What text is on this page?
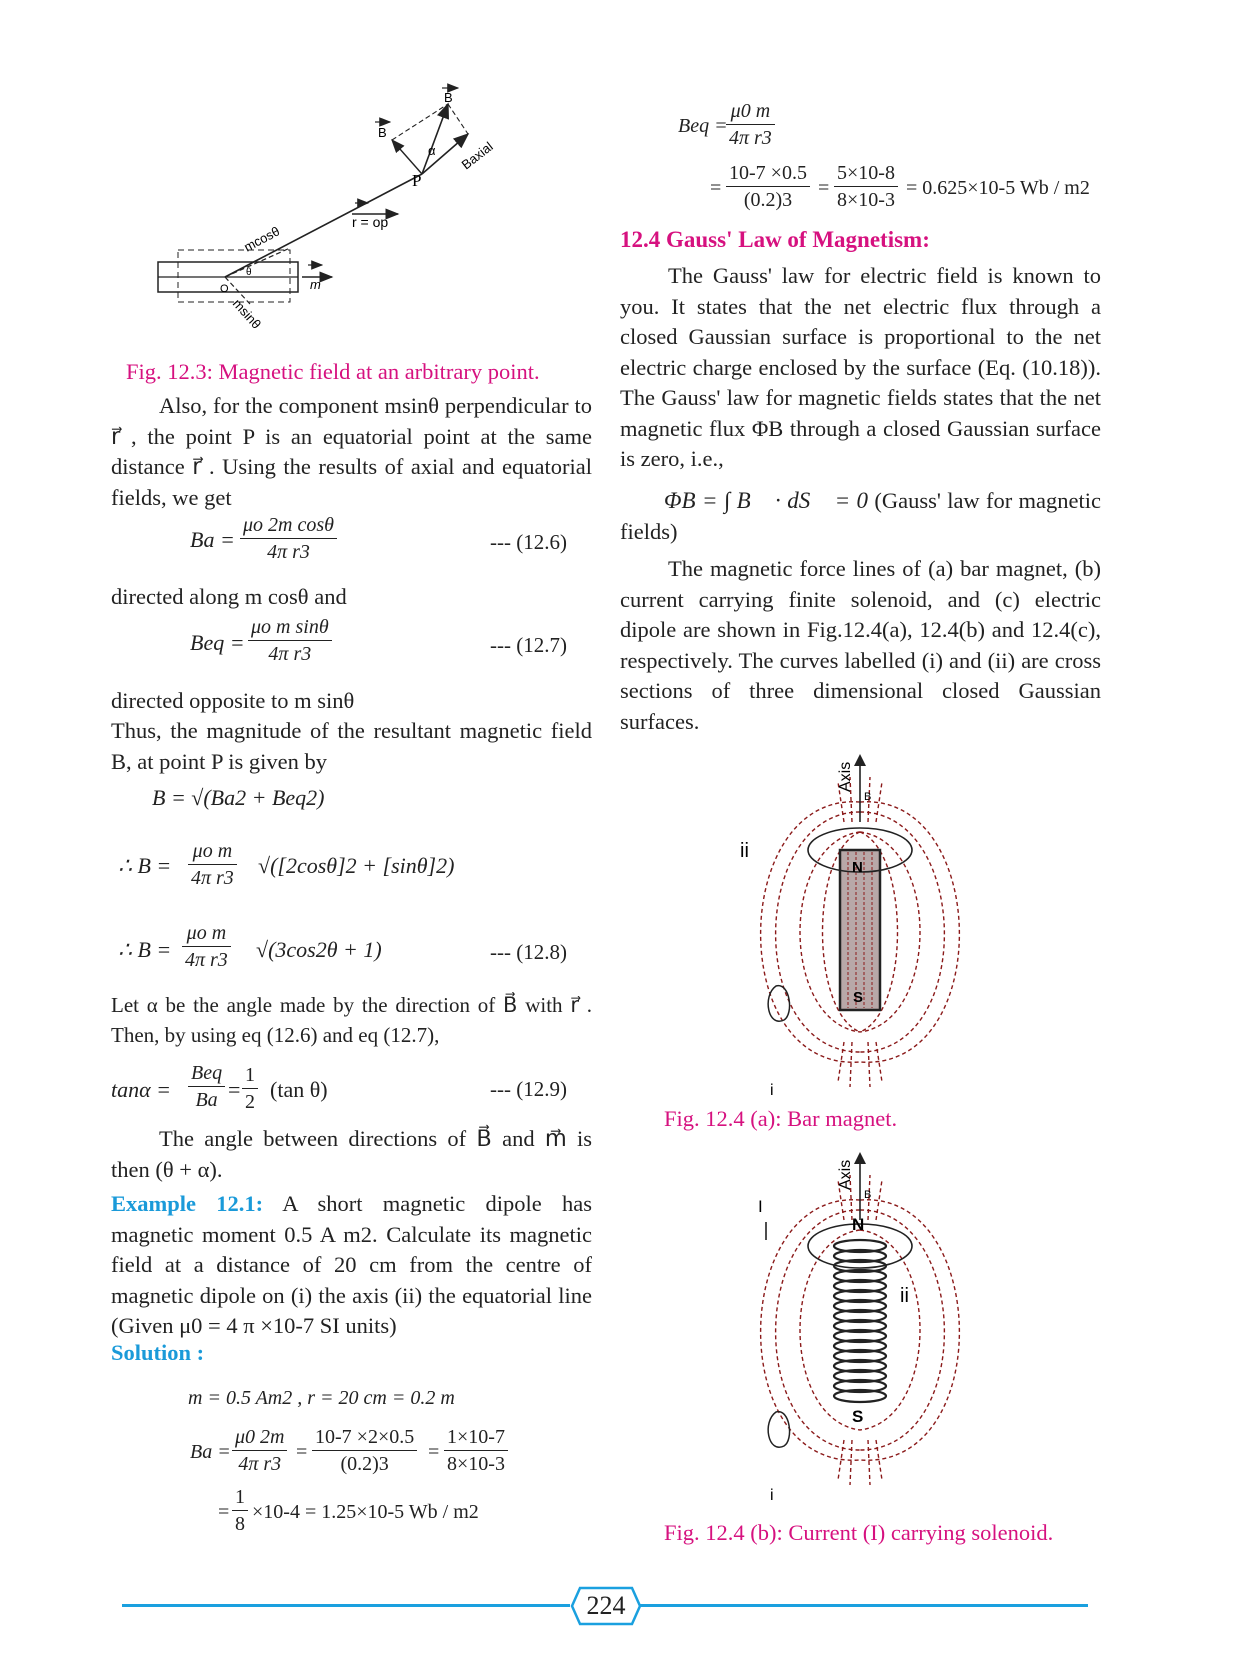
B
B
Baxial
α
P
r = op
mcosθ
msinθ
θ
O	m
Fig. 12.3: Magnetic field at an arbitrary point.
Also, for the component msinθ perpendicular to r⃗ , the point P is an equatorial point at the same distance r⃗ . Using the results of axial and equatorial fields, we get
$Ba = \frac{\text{μo 2m cosθ}}{\text{4π r3}}$	--- (12.6)
directed along m cosθ and
Beq = $\frac{\text{μo m sinθ}}{\text{4π r3}}$	--- (12.7)
directed opposite to m sinθ
Thus, the magnitude of the resultant magnetic field B, at point P is given by
B = √(Ba2 + Beq2)
∴ $B = \frac{\text{μo m}}{\text{4π r3}} √([2\cos\theta]2 + [\sin\theta]2)$
∴ $B = \frac{\text{μo m}}{\text{4π r3}} √(3\cos 2\theta + 1)$	--- (12.8)
Let α be the angle made by the direction of B⃗ with r⃗ . Then, by using eq (12.6) and eq (12.7),
tanα =
Beq
$Ba = \frac{1}{2} (\tan$ θ)	--- (12.9)
The angle between directions of B⃗ and m⃗ is then (θ + α).
Example 12.1: A short magnetic dipole has magnetic moment 0.5 A m2. Calculate its magnetic field at a distance of 20 cm from the centre of magnetic dipole on (i) the axis (ii) the equatorial line (Given μ0 = 4 π ×10-7 SI units)
Solution :
m = 0.5 Am2 , r = 20 cm = 0.2 m
$Ba = \frac{\mu 0 2m}{\text{4π r3}} = \frac{10-7 \times 2\times 0.5}{(0.2)3} = \frac{1\times 10-7}{8\times 10-3}$
= $\frac{1}{8} \times 10-4 = 1.25\times 10-5$ Wb / m2
Beq =
$\frac{\mu 0 m}{\text{4π r3}}$
= $\frac{10-7 \times 0.5}{(0.2)3} = \frac{5\times 10-8}{8\times 10-3} = 0.625\times 10-5$ Wb / m2
12.4 Gauss' Law of Magnetism:
The Gauss' law for electric field is known to you. It states that the net electric flux through a closed Gaussian surface is proportional to the net electric charge enclosed by the surface (Eq. (10.18)). The Gauss' law for magnetic fields states that the net magnetic flux ΦB through a closed Gaussian surface is zero, i.e.,
ΦB = ∫ B⃗ · dS⃗ = 0 (Gauss' law for magnetic fields)
The magnetic force lines of (a) bar magnet, (b) current carrying finite solenoid, and (c) electric dipole are shown in Fig.12.4(a), 12.4(b) and 12.4(c), respectively. The curves labelled (i) and (ii) are cross sections of three dimensional closed Gaussian surfaces.
Axis
B
ii
N
S
i
Fig. 12.4 (a): Bar magnet.
Axis
B
I
N
ii
S
i
Fig. 12.4 (b): Current (I) carrying solenoid.
224
